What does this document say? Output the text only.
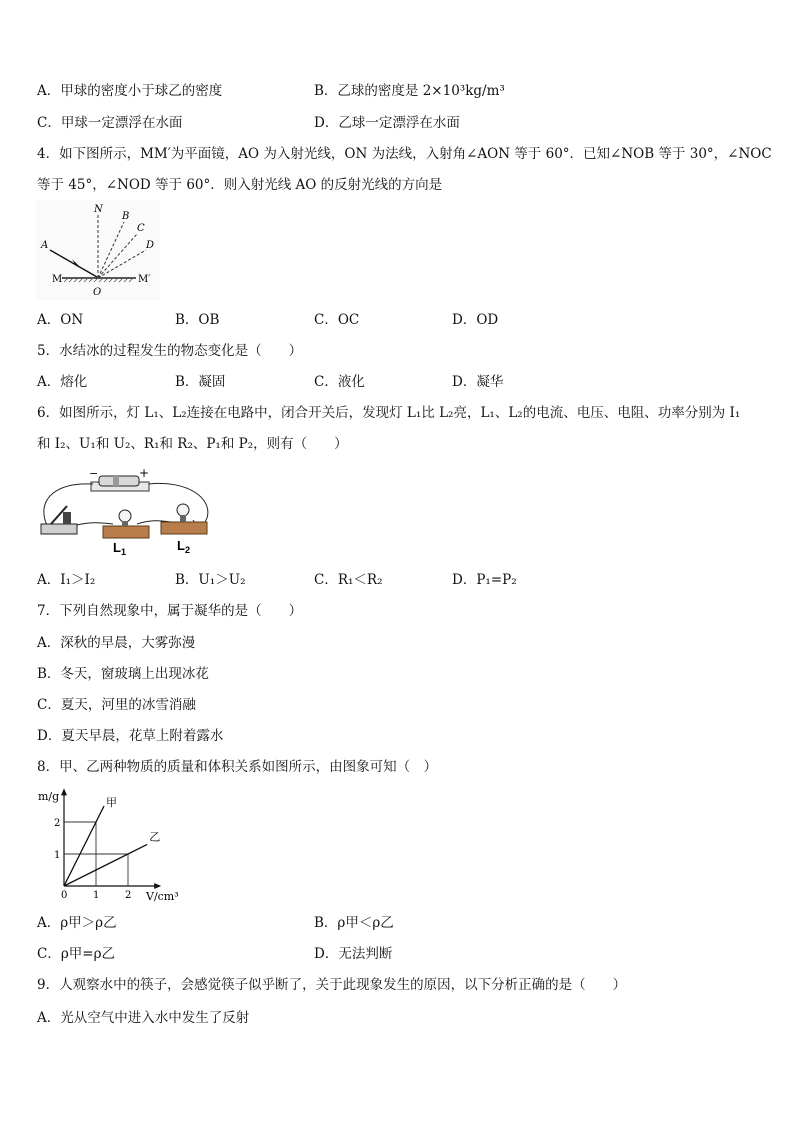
A．甲球的密度小于球乙的密度	B．乙球的密度是 2×10³kg/m³
C．甲球一定漂浮在水面	D．乙球一定漂浮在水面
4．如下图所示，MM′为平面镜，AO 为入射光线，ON 为法线，入射角∠AON 等于 60°．已知∠NOB 等于 30°，∠NOC
等于 45°，∠NOD 等于 60°．则入射光线 AO 的反射光线的方向是
N
B
C
D
A
M	M′
O
A．ON	B．OB	C．OC	D．OD
5．水结冰的过程发生的物态变化是（　　）
A．熔化	B．凝固	C．液化	D．凝华
6．如图所示，灯 L₁、L₂连接在电路中，闭合开关后，发现灯 L₁比 L₂亮，L₁、L₂的电流、电压、电阻、功率分别为 I₁
和 I₂、U₁和 U₂、R₁和 R₂、P₁和 P₂，则有（　　）
−	+
$L_1$	$L_2$
A．I₁＞I₂	B．U₁＞U₂	C．R₁＜R₂	D．P₁=P₂
7．下列自然现象中，属于凝华的是（　　）
A．深秋的早晨，大雾弥漫
B．冬天，窗玻璃上出现冰花
C．夏天，河里的冰雪消融
D．夏天早晨，花草上附着露水
8．甲、乙两种物质的质量和体积关系如图所示，由图象可知（　）
m/g
V/cm³
甲
乙
0	1	2
1
2
A．ρ甲＞ρ乙	B．ρ甲＜ρ乙
C．ρ甲=ρ乙	D．无法判断
9．人观察水中的筷子，会感觉筷子似乎断了，关于此现象发生的原因，以下分析正确的是（　　）
A．光从空气中进入水中发生了反射
